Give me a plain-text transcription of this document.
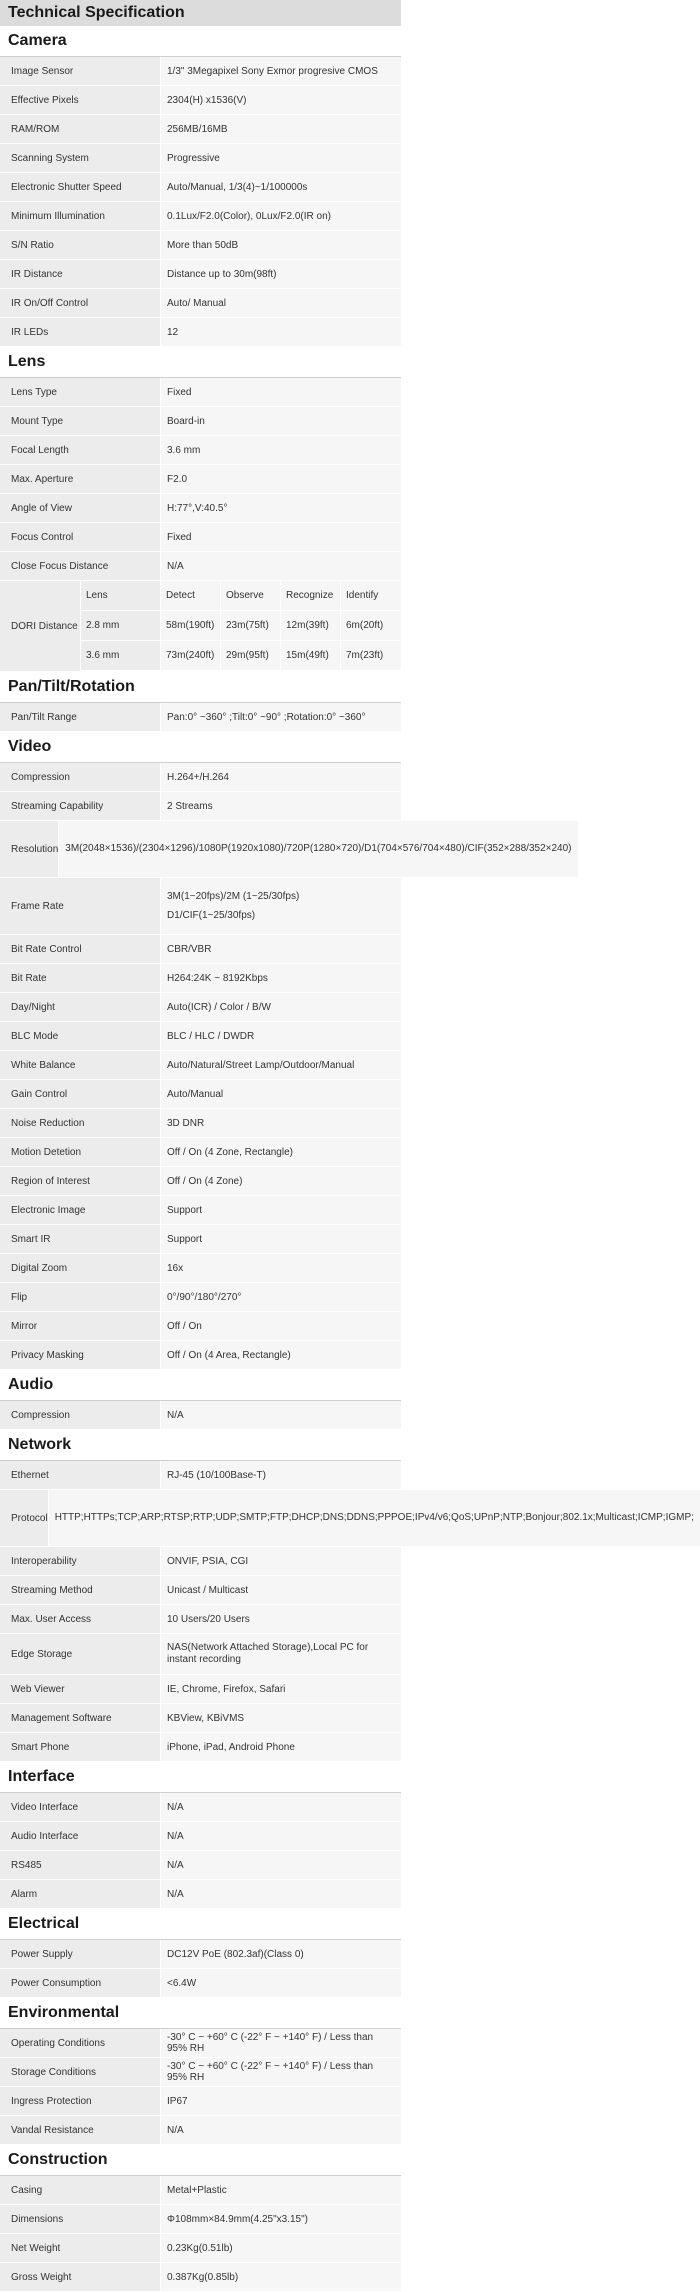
Technical Specification
Camera
Image Sensor	1/3" 3Megapixel Sony Exmor progresive CMOS
Effective Pixels	2304(H) x1536(V)
RAM/ROM	256MB/16MB
Scanning System	Progressive
Electronic Shutter Speed	Auto/Manual, 1/3(4)~1/100000s
Minimum Illumination	0.1Lux/F2.0(Color), 0Lux/F2.0(IR on)
S/N Ratio	More than 50dB
IR Distance	Distance up to 30m(98ft)
IR On/Off Control	Auto/ Manual
IR LEDs	12
Lens
Lens Type	Fixed
Mount Type	Board-in
Focal Length	3.6 mm
Max. Aperture	F2.0
Angle of View	H:77°,V:40.5°
Focus Control	Fixed
Close Focus Distance	N/A
DORI Distance
Lens	Detect	Observe	Recognize	Identify
2.8 mm	58m(190ft)	23m(75ft)	12m(39ft)	6m(20ft)
3.6 mm	73m(240ft)	29m(95ft)	15m(49ft)	7m(23ft)
Pan/Tilt/Rotation
Pan/Tilt Range	Pan:0° ~360° ;Tilt:0° ~90° ;Rotation:0° ~360°
Video
Compression	H.264+/H.264
Streaming Capability	2 Streams
Resolution 3M(2048×1536)/(2304×1296)/1080P(1920x1080)/720P(1280×720)/D1(704×576/704×480)/CIF(352×288/352×240)
Frame Rate
3M(1~20fps)/2M (1~25/30fps)
D1/CIF(1~25/30fps)
Bit Rate Control	CBR/VBR
Bit Rate	H264:24K ~ 8192Kbps
Day/Night	Auto(ICR) / Color / B/W
BLC Mode	BLC / HLC / DWDR
White Balance	Auto/Natural/Street Lamp/Outdoor/Manual
Gain Control	Auto/Manual
Noise Reduction	3D DNR
Motion Detetion	Off / On (4 Zone, Rectangle)
Region of Interest	Off / On (4 Zone)
Electronic Image	Support
Smart IR	Support
Digital Zoom	16x
Flip	0°/90°/180°/270°
Mirror	Off / On
Privacy Masking	Off / On (4 Area, Rectangle)
Audio
Compression	N/A
Network
Ethernet	RJ-45 (10/100Base-T)
Protocol HTTP;HTTPs;TCP;ARP;RTSP;RTP;UDP;SMTP;FTP;DHCP;DNS;DDNS;PPPOE;IPv4/v6;QoS;UPnP;NTP;Bonjour;802.1x;Multicast;ICMP;IGMP;
Interoperability	ONVIF, PSIA, CGI
Streaming Method	Unicast / Multicast
Max. User Access	10 Users/20 Users
Edge Storage
NAS(Network Attached Storage),Local PC for instant recording
Web Viewer	IE, Chrome, Firefox, Safari
Management Software	KBView, KBiVMS
Smart Phone	iPhone, iPad, Android Phone
Interface
Video Interface	N/A
Audio Interface	N/A
RS485	N/A
Alarm	N/A
Electrical
Power Supply	DC12V PoE (802.3af)(Class 0)
Power Consumption	<6.4W
Environmental
Operating Conditions	-30° C ~ +60° C (-22° F ~ +140° F) / Less than 95% RH
Storage Conditions	-30° C ~ +60° C (-22° F ~ +140° F) / Less than 95% RH
Ingress Protection	IP67
Vandal Resistance	N/A
Construction
Casing	Metal+Plastic
Dimensions	Φ108mm×84.9mm(4.25"x3.15")
Net Weight	0.23Kg(0.51lb)
Gross Weight	0.387Kg(0.85lb)
